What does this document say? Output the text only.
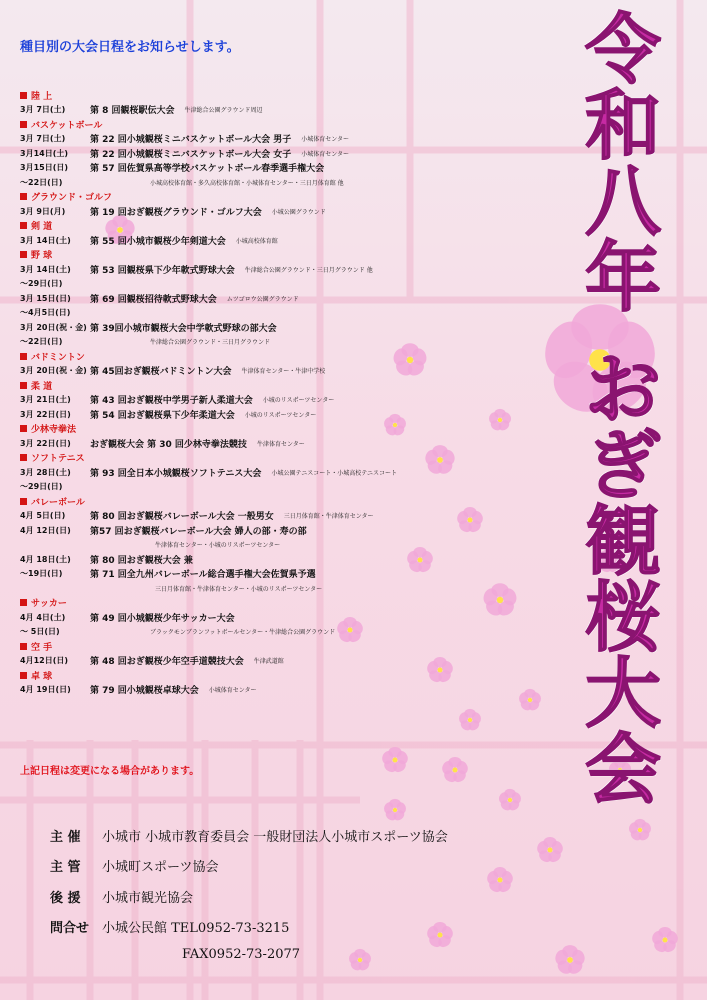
種目別の大会日程をお知らせします。
陸 上
3月 7日(土)	第 8 回観桜駅伝大会 牛津総合公園グラウンド周辺
バスケットボール
3月 7日(土)	第 22 回小城観桜ミニバスケットボール大会 男子 小城体育センター
3月14日(土)	第 22 回小城観桜ミニバスケットボール大会 女子 小城体育センター
3月15日(日)	第 57 回佐賀県高等学校バスケットボール春季選手権大会
～22日(日)	小城高校体育館・多久高校体育館・小城体育センター・三日月体育館 他
グラウンド・ゴルフ
3月 9日(月)	第 19 回おぎ観桜グラウンド・ゴルフ大会 小城公園グラウンド
剣 道
3月 14日(土)	第 55 回小城市観桜少年剣道大会 小城高校体育館
野 球
3月 14日(土)	第 53 回観桜県下少年軟式野球大会 牛津総合公園グラウンド・三日月グラウンド 他
～29日(日)
3月 15日(日)	第 69 回観桜招待軟式野球大会 ムツゴロウ公園グラウンド
～4月5日(日)
3月 20日(祝・金) 第 39回小城市観桜大会中学軟式野球の部大会
～22日(日)	牛津総合公園グラウンド・三日月グラウンド
バドミントン
3月 20日(祝・金) 第 45回おぎ観桜バドミントン大会 牛津体育センター・牛津中学校
柔 道
3月 21日(土)	第 43 回おぎ観桜中学男子新人柔道大会 小城のリスポーツセンター
3月 22日(日)	第 54 回おぎ観桜県下少年柔道大会 小城のリスポーツセンター
少林寺拳法
3月 22日(日)	おぎ観桜大会 第 30 回少林寺拳法競技 牛津体育センター
ソフトテニス
3月 28日(土)	第 93 回全日本小城観桜ソフトテニス大会 小城公園テニスコート・小城高校テニスコート
～29日(日)
バレーボール
4月 5日(日)	第 80 回おぎ観桜バレーボール大会 一般男女 三日月体育館・牛津体育センター
4月 12日(日)	第57 回おぎ観桜バレーボール大会 婦人の部・寿の部
牛津体育センター・小城のリスポーツセンター
4月 18日(土)	第 80 回おぎ観桜大会 兼
～19日(日)	第 71 回全九州バレーボール総合選手権大会佐賀県予選
三日月体育館・牛津体育センター・小城のリスポーツセンター
サッカー
4月 4日(土)	第 49 回小城観桜少年サッカー大会
～ 5日(日)	ブラックモンブランフットボールセンター・牛津総合公園グラウンド
空 手
4月12日(日)	第 48 回おぎ観桜少年空手道競技大会 牛津武道館
卓 球
4月 19日(日)	第 79 回小城観桜卓球大会 小城体育センター
上記日程は変更になる場合があります。
主 催 小城市 小城市教育委員会 一般財団法人小城市スポーツ協会
主 管 小城町スポーツ協会
後 援 小城市観光協会
問合せ 小城公民館 TEL0952-73-3215
FAX0952-73-2077
令
和
八
年
お
ぎ
観
桜
大
会
